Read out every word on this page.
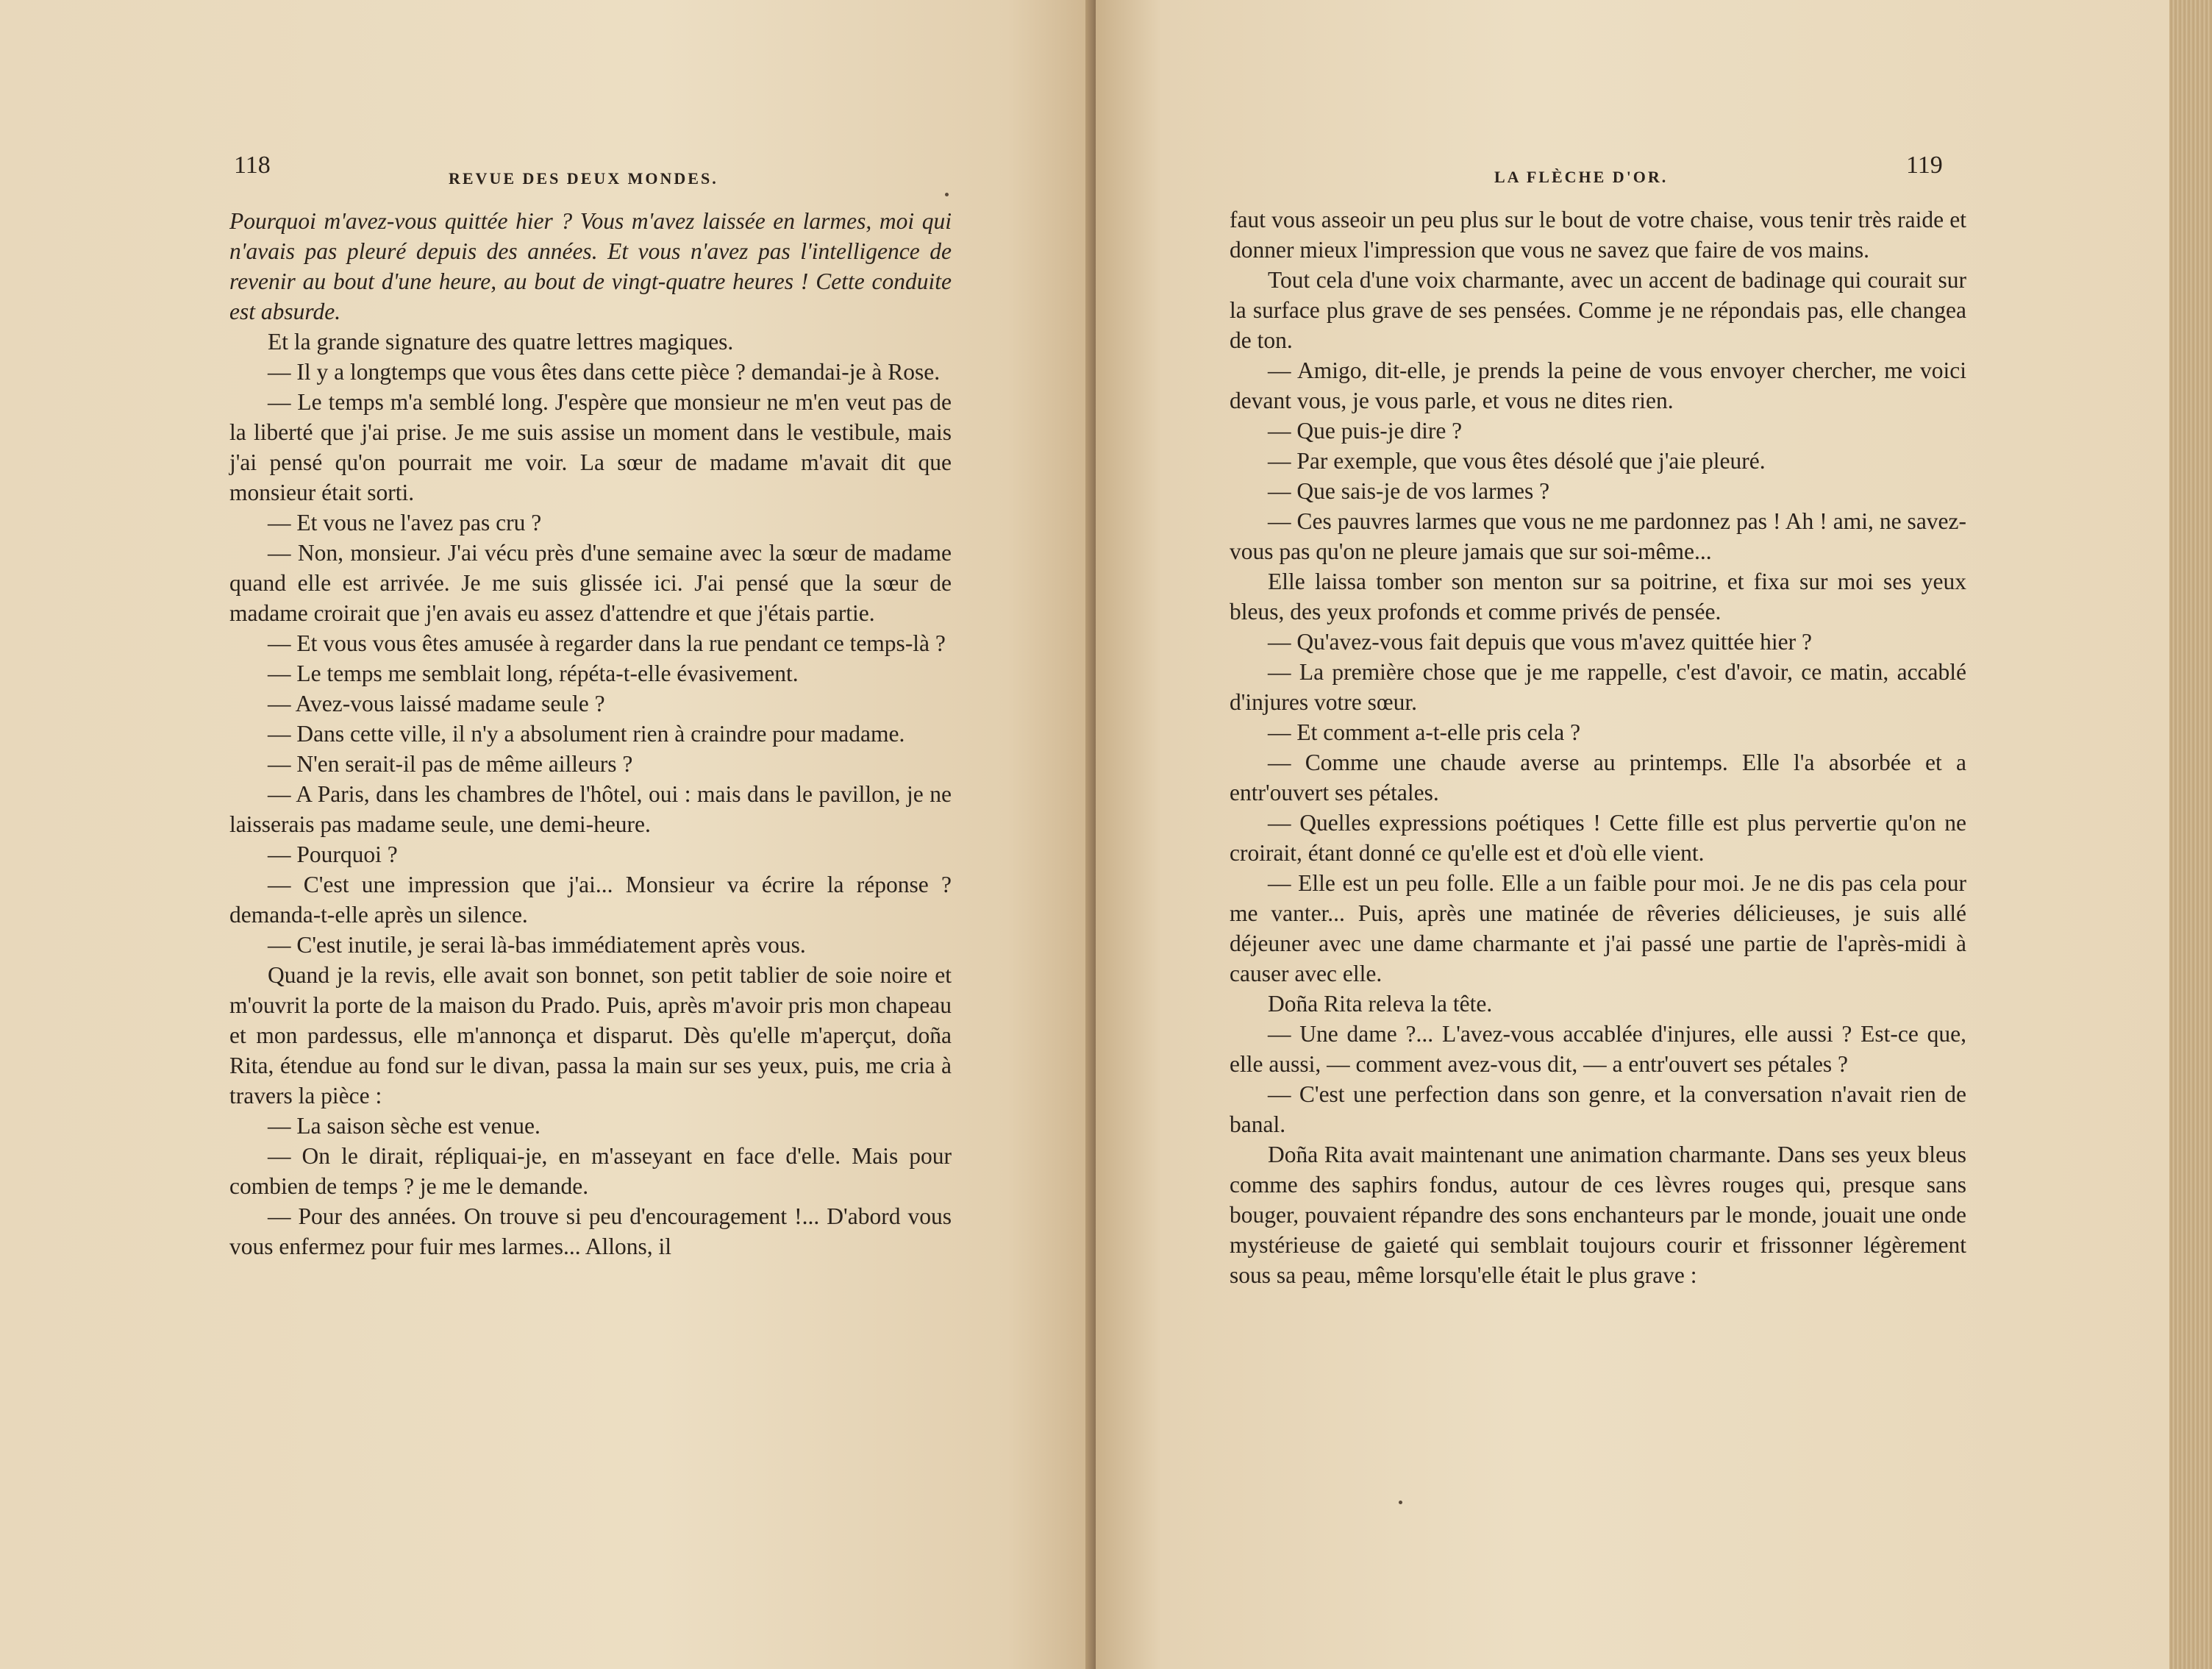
118	REVUE DES DEUX MONDES.

Pourquoi m'avez-vous quittée hier ? Vous m'avez laissée en larmes, moi qui n'avais pas pleuré depuis des années. Et vous n'avez pas l'intelligence de revenir au bout d'une heure, au bout de vingt-quatre heures ! Cette conduite est absurde.

Et la grande signature des quatre lettres magiques.

— Il y a longtemps que vous êtes dans cette pièce ? demandai-je à Rose.

— Le temps m'a semblé long. J'espère que monsieur ne m'en veut pas de la liberté que j'ai prise. Je me suis assise un moment dans le vestibule, mais j'ai pensé qu'on pourrait me voir. La sœur de madame m'avait dit que monsieur était sorti.

— Et vous ne l'avez pas cru ?

— Non, monsieur. J'ai vécu près d'une semaine avec la sœur de madame quand elle est arrivée. Je me suis glissée ici. J'ai pensé que la sœur de madame croirait que j'en avais eu assez d'attendre et que j'étais partie.

— Et vous vous êtes amusée à regarder dans la rue pendant ce temps-là ?

— Le temps me semblait long, répéta-t-elle évasivement.

— Avez-vous laissé madame seule ?

— Dans cette ville, il n'y a absolument rien à craindre pour madame.

— N'en serait-il pas de même ailleurs ?

— A Paris, dans les chambres de l'hôtel, oui : mais dans le pavillon, je ne laisserais pas madame seule, une demi-heure.

— Pourquoi ?

— C'est une impression que j'ai... Monsieur va écrire la réponse ? demanda-t-elle après un silence.

— C'est inutile, je serai là-bas immédiatement après vous.

Quand je la revis, elle avait son bonnet, son petit tablier de soie noire et m'ouvrit la porte de la maison du Prado. Puis, après m'avoir pris mon chapeau et mon pardessus, elle m'annonça et disparut. Dès qu'elle m'aperçut, doña Rita, étendue au fond sur le divan, passa la main sur ses yeux, puis, me cria à travers la pièce :

— La saison sèche est venue.

— On le dirait, répliquai-je, en m'asseyant en face d'elle. Mais pour combien de temps ? je me le demande.

— Pour des années. On trouve si peu d'encouragement !... D'abord vous vous enfermez pour fuir mes larmes... Allons, il

LA FLÈCHE D'OR.	119

faut vous asseoir un peu plus sur le bout de votre chaise, vous tenir très raide et donner mieux l'impression que vous ne savez que faire de vos mains.

Tout cela d'une voix charmante, avec un accent de badinage qui courait sur la surface plus grave de ses pensées. Comme je ne répondais pas, elle changea de ton.

— Amigo, dit-elle, je prends la peine de vous envoyer chercher, me voici devant vous, je vous parle, et vous ne dites rien.

— Que puis-je dire ?

— Par exemple, que vous êtes désolé que j'aie pleuré.

— Que sais-je de vos larmes ?

— Ces pauvres larmes que vous ne me pardonnez pas ! Ah ! ami, ne savez-vous pas qu'on ne pleure jamais que sur soi-même...

Elle laissa tomber son menton sur sa poitrine, et fixa sur moi ses yeux bleus, des yeux profonds et comme privés de pensée.

— Qu'avez-vous fait depuis que vous m'avez quittée hier ?

— La première chose que je me rappelle, c'est d'avoir, ce matin, accablé d'injures votre sœur.

— Et comment a-t-elle pris cela ?

— Comme une chaude averse au printemps. Elle l'a absorbée et a entr'ouvert ses pétales.

— Quelles expressions poétiques ! Cette fille est plus pervertie qu'on ne croirait, étant donné ce qu'elle est et d'où elle vient.

— Elle est un peu folle. Elle a un faible pour moi. Je ne dis pas cela pour me vanter... Puis, après une matinée de rêveries délicieuses, je suis allé déjeuner avec une dame charmante et j'ai passé une partie de l'après-midi à causer avec elle.

Doña Rita releva la tête.

— Une dame ?... L'avez-vous accablée d'injures, elle aussi ? Est-ce que, elle aussi, — comment avez-vous dit, — a entr'ouvert ses pétales ?

— C'est une perfection dans son genre, et la conversation n'avait rien de banal.

Doña Rita avait maintenant une animation charmante. Dans ses yeux bleus comme des saphirs fondus, autour de ces lèvres rouges qui, presque sans bouger, pouvaient répandre des sons enchanteurs par le monde, jouait une onde mystérieuse de gaieté qui semblait toujours courir et frissonner légèrement sous sa peau, même lorsqu'elle était le plus grave :
